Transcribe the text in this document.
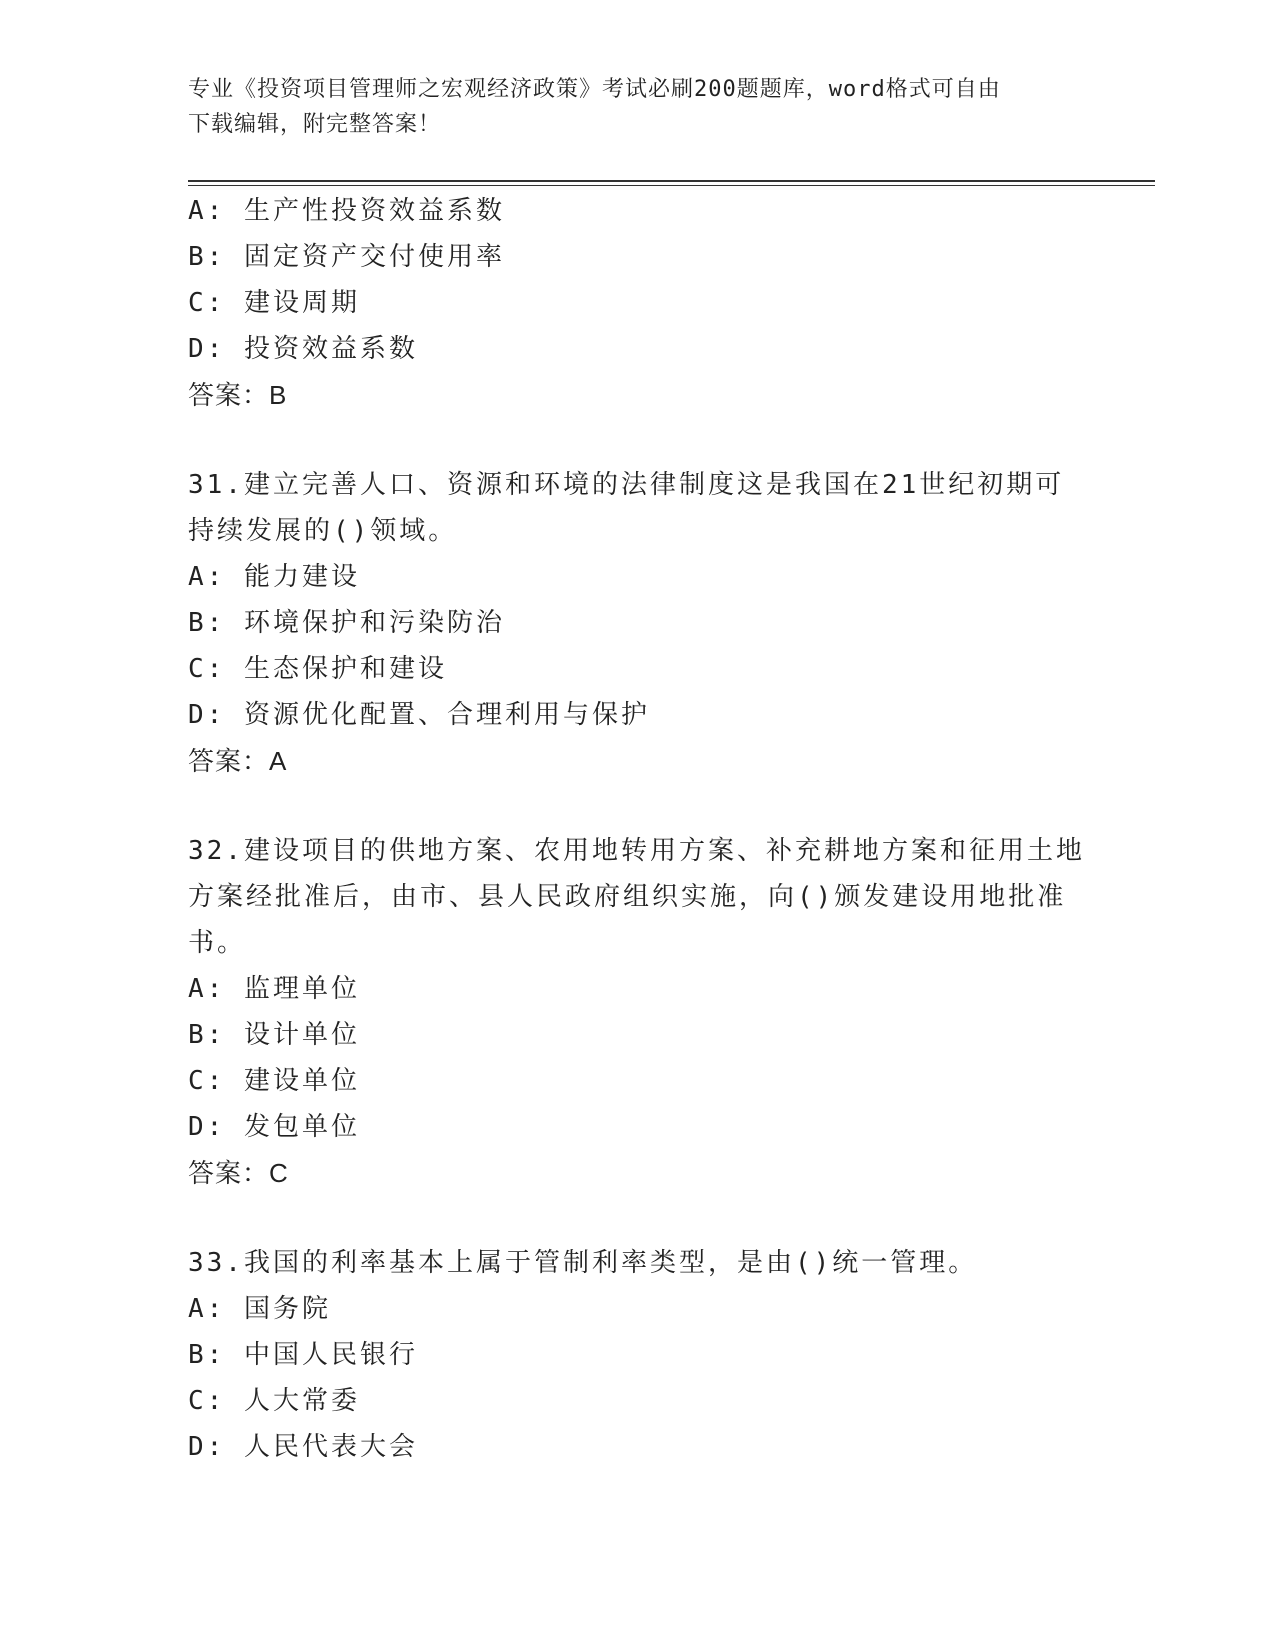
专业《投资项目管理师之宏观经济政策》考试必刷200题题库，word格式可自由
下载编辑，附完整答案！
A: 生产性投资效益系数
B: 固定资产交付使用率
C: 建设周期
D: 投资效益系数
答案：B
31.建立完善人口、资源和环境的法律制度这是我国在21世纪初期可
持续发展的()领域。
A: 能力建设
B: 环境保护和污染防治
C: 生态保护和建设
D: 资源优化配置、合理利用与保护
答案：A
32.建设项目的供地方案、农用地转用方案、补充耕地方案和征用土地
方案经批准后，由市、县人民政府组织实施，向()颁发建设用地批准
书。
A: 监理单位
B: 设计单位
C: 建设单位
D: 发包单位
答案：C
33.我国的利率基本上属于管制利率类型，是由()统一管理。
A: 国务院
B: 中国人民银行
C: 人大常委
D: 人民代表大会
